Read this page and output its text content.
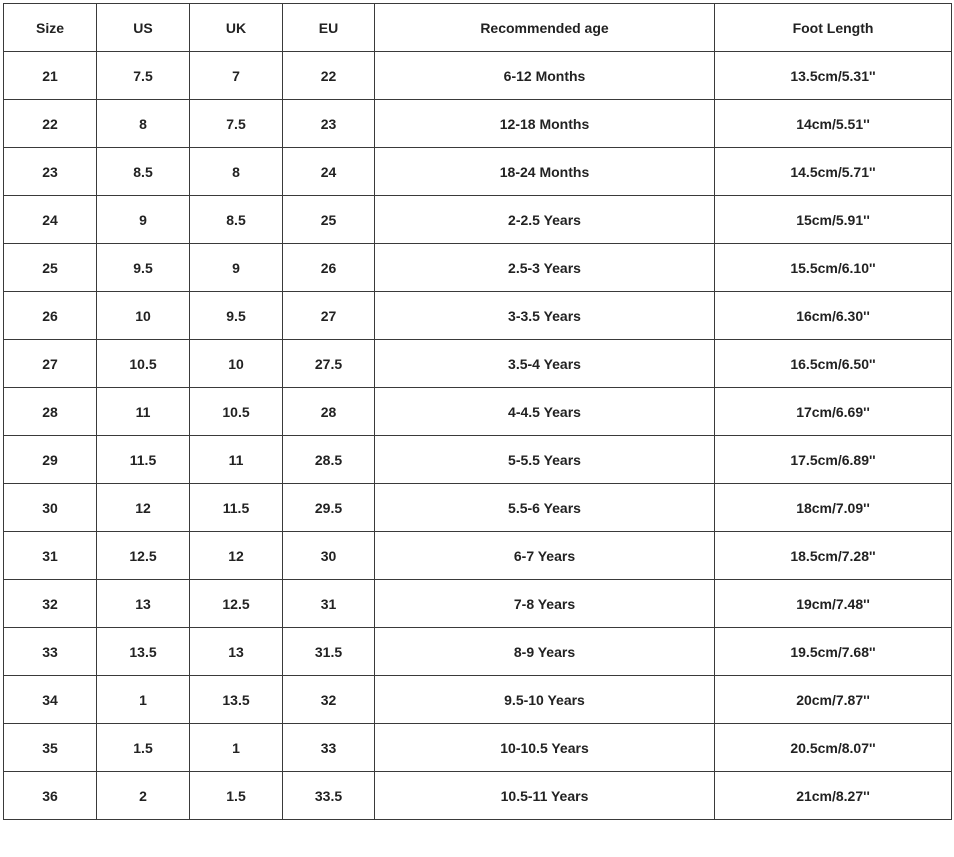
Size	US	UK	EU	Recommended age	Foot Length
21	7.5	7	22	6-12 Months	13.5cm/5.31''
22	8	7.5	23	12-18 Months	14cm/5.51''
23	8.5	8	24	18-24 Months	14.5cm/5.71''
24	9	8.5	25	2-2.5 Years	15cm/5.91''
25	9.5	9	26	2.5-3 Years	15.5cm/6.10''
26	10	9.5	27	3-3.5 Years	16cm/6.30''
27	10.5	10	27.5	3.5-4 Years	16.5cm/6.50''
28	11	10.5	28	4-4.5 Years	17cm/6.69''
29	11.5	11	28.5	5-5.5 Years	17.5cm/6.89''
30	12	11.5	29.5	5.5-6 Years	18cm/7.09''
31	12.5	12	30	6-7 Years	18.5cm/7.28''
32	13	12.5	31	7-8 Years	19cm/7.48''
33	13.5	13	31.5	8-9 Years	19.5cm/7.68''
34	1	13.5	32	9.5-10 Years	20cm/7.87''
35	1.5	1	33	10-10.5 Years	20.5cm/8.07''
36	2	1.5	33.5	10.5-11 Years	21cm/8.27''
